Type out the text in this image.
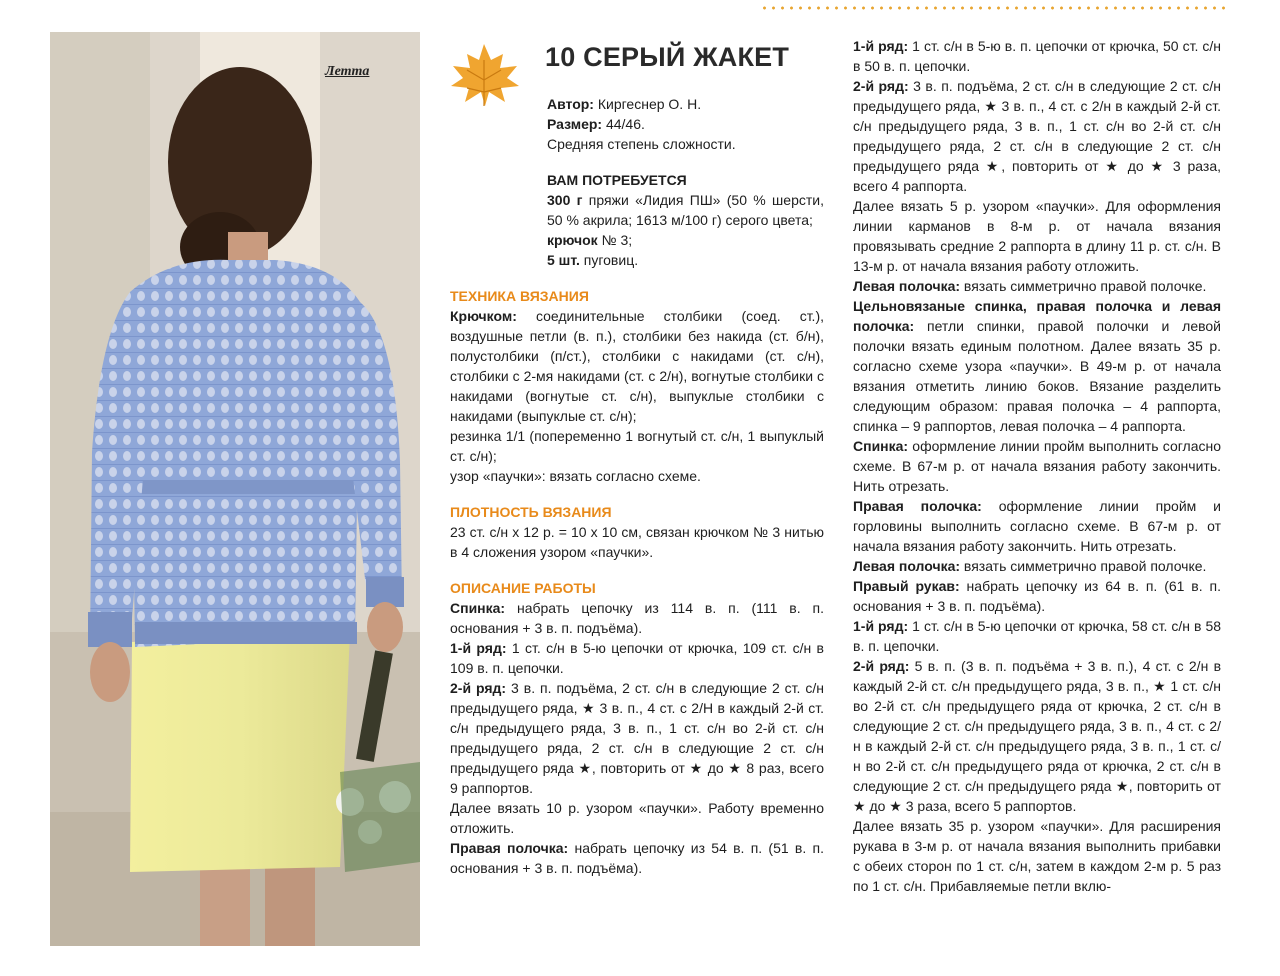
Летта	10 СЕРЫЙ ЖАКЕТ

Автор: Киргеснер О. Н.

Размер: 44/46.

Средняя степень сложности.

ВАМ ПОТРЕБУЕТСЯ

300 г пряжи «Лидия ПШ» (50 % шерсти, 50 % акрила; 1613 м/100 г) серого цвета;

крючок № 3;

5 шт. пуговиц.

ТЕХНИКА ВЯЗАНИЯ

Крючком: соединительные столбики (соед. ст.), воздушные петли (в. п.), столбики без накида (ст. б/н), полустолбики (п/ст.), столбики с накидами (ст. с/н), столбики с 2-мя накидами (ст. с 2/н), вогнутые столбики с накидами (вогнутые ст. с/н), выпуклые столбики с накидами (выпуклые ст. с/н);

резинка 1/1 (попеременно 1 вогнутый ст. с/н, 1 выпуклый ст. с/н);

узор «паучки»: вязать согласно схеме.

ПЛОТНОСТЬ ВЯЗАНИЯ

23 ст. с/н х 12 р. = 10 х 10 см, связан крючком № 3 нитью в 4 сложения узором «паучки».

ОПИСАНИЕ РАБОТЫ

Спинка: набрать цепочку из 114 в. п. (111 в. п. основания + 3 в. п. подъёма).

1-й ряд: 1 ст. с/н в 5-ю цепочки от крючка, 109 ст. с/н в 109 в. п. цепочки.

2-й ряд: 3 в. п. подъёма, 2 ст. с/н в следующие 2 ст. с/н предыдущего ряда, ★ 3 в. п., 4 ст. с 2/Н в каждый 2-й ст. с/н предыдущего ряда, 3 в. п., 1 ст. с/н во 2-й ст. с/н предыдущего ряда, 2 ст. с/н в следующие 2 ст. с/н предыдущего ряда ★, повторить от ★ до ★ 8 раз, всего 9 раппортов.

Далее вязать 10 р. узором «паучки». Работу временно отложить.

Правая полочка: набрать цепочку из 54 в. п. (51 в. п. основания + 3 в. п. подъёма).

1-й ряд: 1 ст. с/н в 5-ю в. п. цепочки от крючка, 50 ст. с/н в 50 в. п. цепочки.

2-й ряд: 3 в. п. подъёма, 2 ст. с/н в следующие 2 ст. с/н предыдущего ряда, ★ 3 в. п., 4 ст. с 2/н в каждый 2-й ст. с/н предыдущего ряда, 3 в. п., 1 ст. с/н во 2-й ст. с/н предыдущего ряда, 2 ст. с/н в следующие 2 ст. с/н предыдущего ряда ★, повторить от ★ до ★ 3 раза, всего 4 раппорта.

Далее вязать 5 р. узором «паучки». Для оформления линии карманов в 8-м р. от начала вязания провязывать средние 2 раппорта в длину 11 р. ст. с/н. В 13-м р. от начала вязания работу отложить.

Левая полочка: вязать симметрично правой полочке.

Цельновязаные спинка, правая полочка и левая полочка: петли спинки, правой полочки и левой полочки вязать единым полотном. Далее вязать 35 р. согласно схеме узора «паучки». В 49-м р. от начала вязания отметить линию боков. Вязание разделить следующим образом: правая полочка – 4 раппорта, спинка – 9 раппортов, левая полочка – 4 раппорта.

Спинка: оформление линии пройм выполнить согласно схеме. В 67-м р. от начала вязания работу закончить. Нить отрезать.

Правая полочка: оформление линии пройм и горловины выполнить согласно схеме. В 67-м р. от начала вязания работу закончить. Нить отрезать.

Левая полочка: вязать симметрично правой полочке.

Правый рукав: набрать цепочку из 64 в. п. (61 в. п. основания + 3 в. п. подъёма).

1-й ряд: 1 ст. с/н в 5-ю цепочки от крючка, 58 ст. с/н в 58 в. п. цепочки.

2-й ряд: 5 в. п. (3 в. п. подъёма + 3 в. п.), 4 ст. с 2/н в каждый 2-й ст. с/н предыдущего ряда, 3 в. п., ★ 1 ст. с/н во 2-й ст. с/н предыдущего ряда от крючка, 2 ст. с/н в следующие 2 ст. с/н предыдущего ряда, 3 в. п., 4 ст. с 2/н в каждый 2-й ст. с/н предыдущего ряда, 3 в. п., 1 ст. с/н во 2-й ст. с/н предыдущего ряда от крючка, 2 ст. с/н в следующие 2 ст. с/н предыдущего ряда ★, повторить от ★ до ★ 3 раза, всего 5 раппортов.

Далее вязать 35 р. узором «паучки». Для расширения рукава в 3-м р. от начала вязания выполнить прибавки с обеих сторон по 1 ст. с/н, затем в каждом 2-м р. 5 раз по 1 ст. с/н. Прибавляемые петли вклю-
